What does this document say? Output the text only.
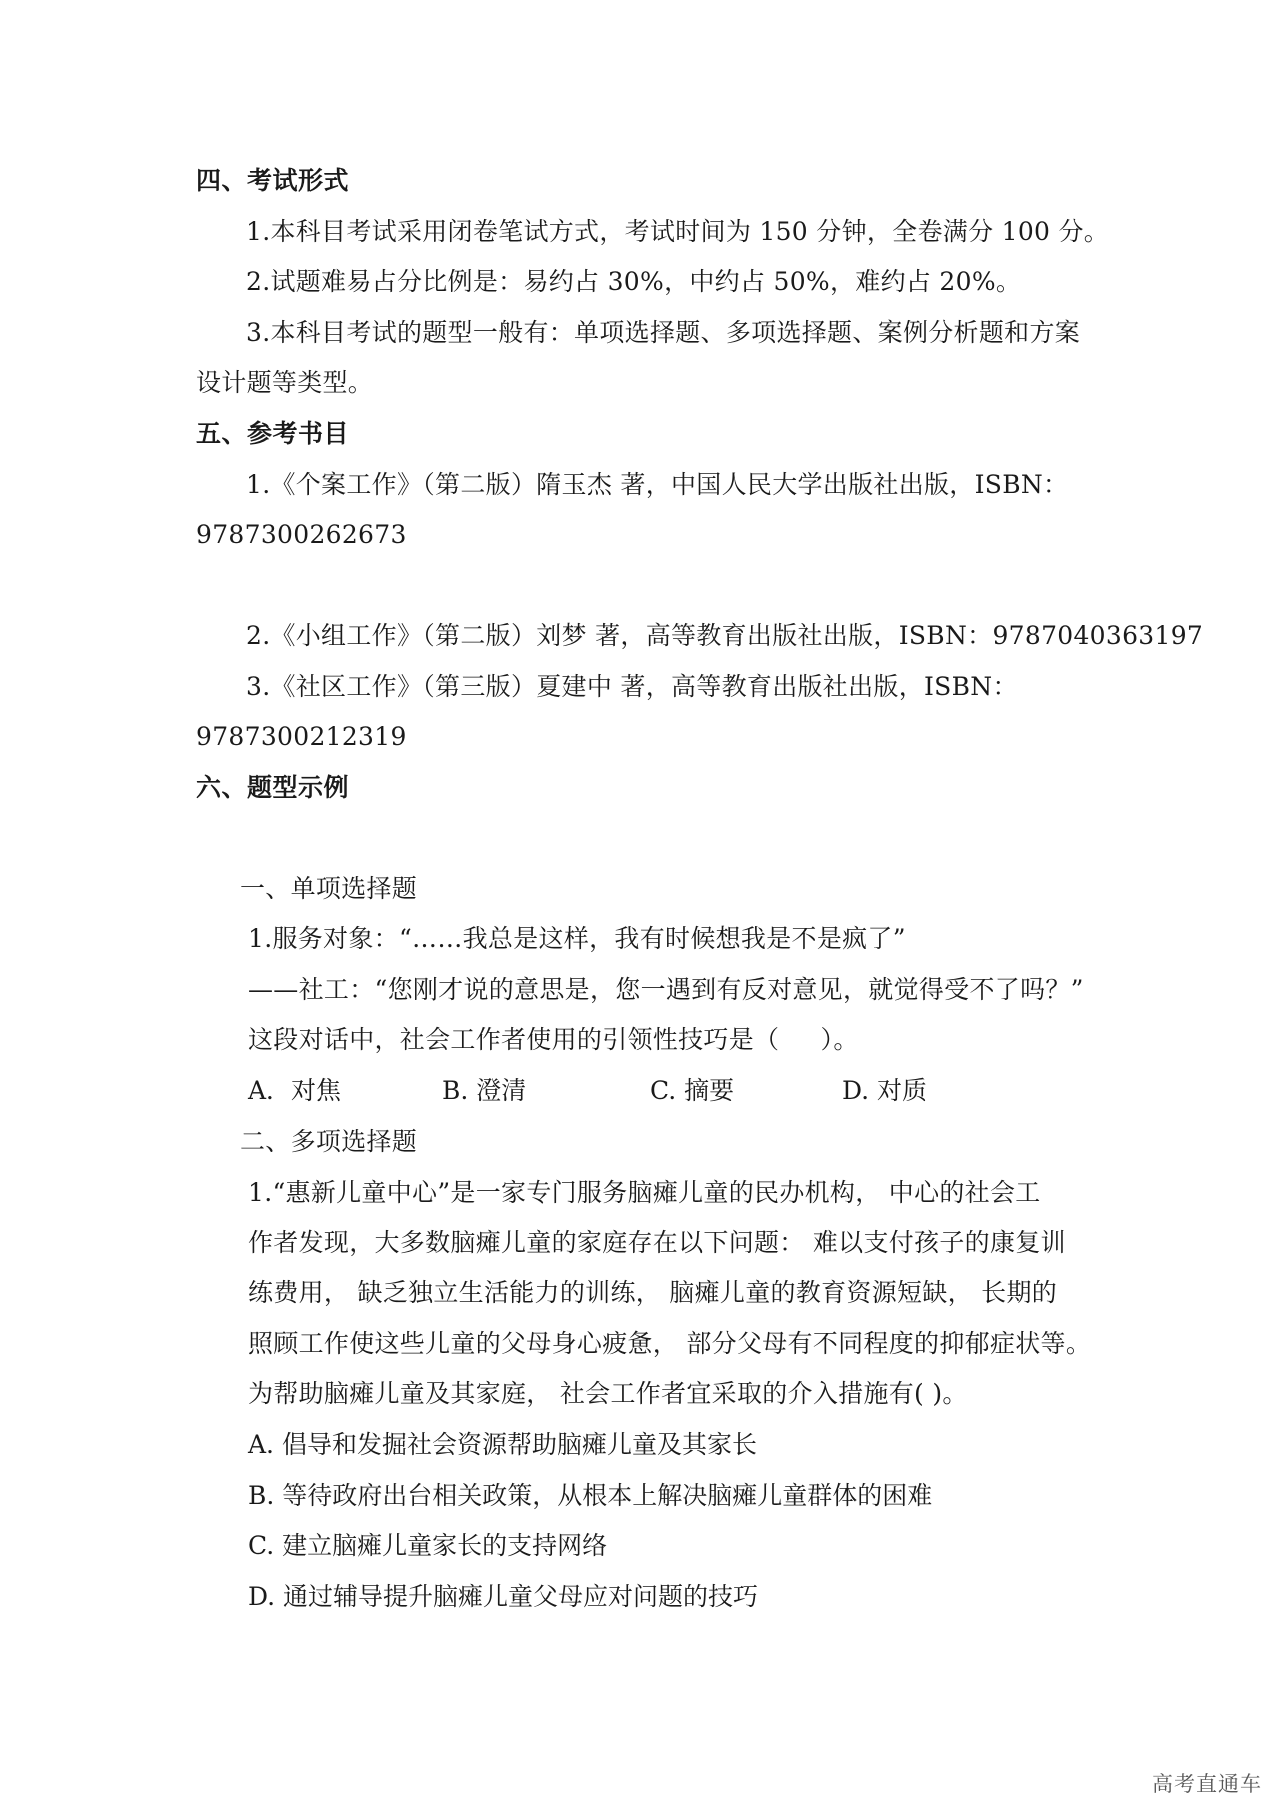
四、考试形式
1.本科目考试采用闭卷笔试方式，考试时间为 150 分钟，全卷满分 100 分。
2.试题难易占分比例是：易约占 30%，中约占 50%，难约占 20%。
3.本科目考试的题型一般有：单项选择题、多项选择题、案例分析题和方案
设计题等类型。
五、参考书目
1.《个案工作》（第二版）隋玉杰 著，中国人民大学出版社出版，ISBN：
9787300262673
2.《小组工作》（第二版）刘梦 著，高等教育出版社出版，ISBN：9787040363197
3.《社区工作》（第三版）夏建中 著，高等教育出版社出版，ISBN：
9787300212319
六、题型示例
一、单项选择题
1.服务对象：“……我总是这样，我有时候想我是不是疯了”
——社工：“您刚才说的意思是，您一遇到有反对意见，就觉得受不了吗？”
这段对话中，社会工作者使用的引领性技巧是（     ）。
A．对焦	B. 澄清	C. 摘要	D. 对质
二、多项选择题
1.“惠新儿童中心”是一家专门服务脑瘫儿童的民办机构， 中心的社会工
作者发现，大多数脑瘫儿童的家庭存在以下问题： 难以支付孩子的康复训
练费用， 缺乏独立生活能力的训练， 脑瘫儿童的教育资源短缺， 长期的
照顾工作使这些儿童的父母身心疲惫， 部分父母有不同程度的抑郁症状等。
为帮助脑瘫儿童及其家庭， 社会工作者宜采取的介入措施有( )。
A. 倡导和发掘社会资源帮助脑瘫儿童及其家长
B. 等待政府出台相关政策，从根本上解决脑瘫儿童群体的困难
C. 建立脑瘫儿童家长的支持网络
D. 通过辅导提升脑瘫儿童父母应对问题的技巧
高考直通车
